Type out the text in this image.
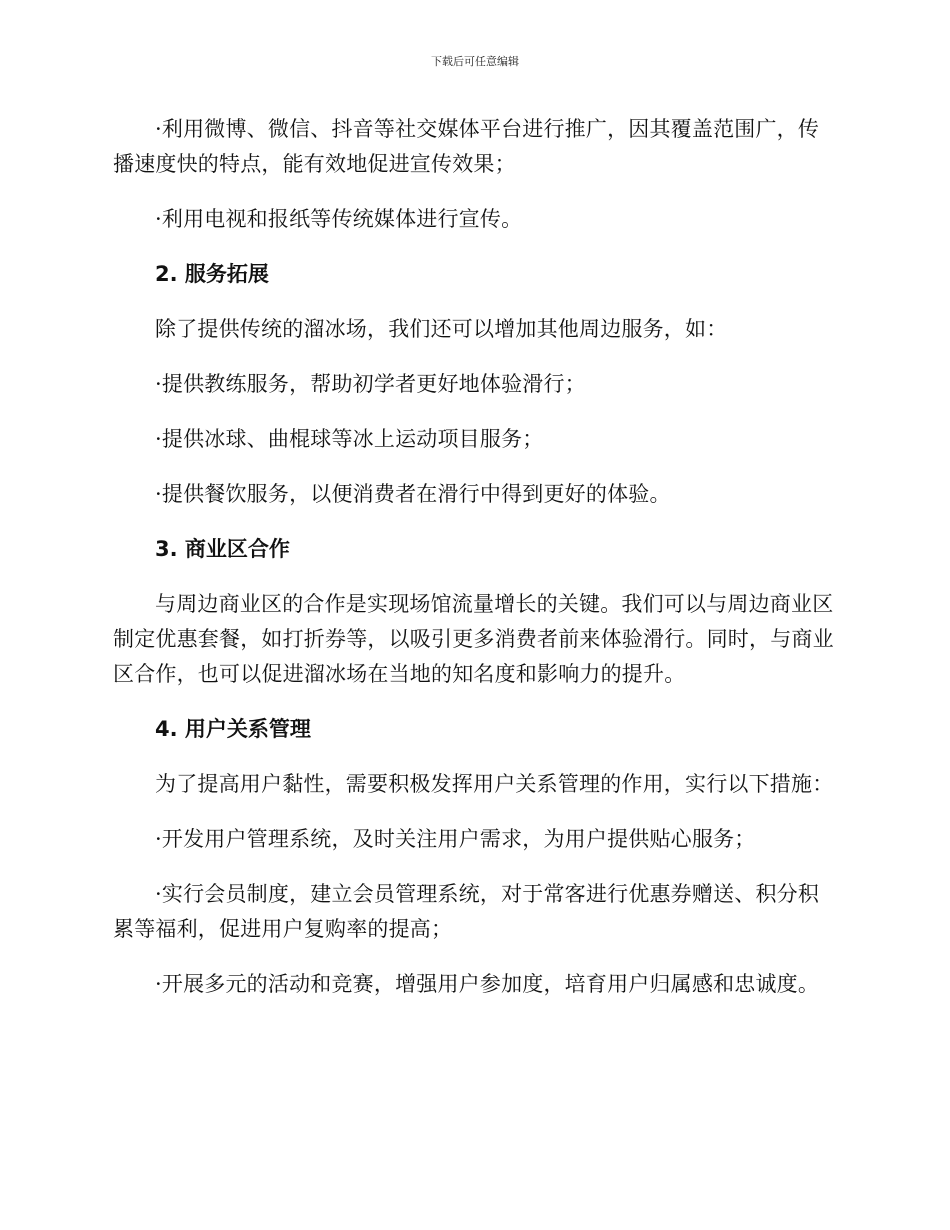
下载后可任意编辑

·利用微博、微信、抖音等社交媒体平台进行推广，因其覆盖范围广，传播速度快的特点，能有效地促进宣传效果；

·利用电视和报纸等传统媒体进行宣传。

2. 服务拓展

除了提供传统的溜冰场，我们还可以增加其他周边服务，如：

·提供教练服务，帮助初学者更好地体验滑行；

·提供冰球、曲棍球等冰上运动项目服务；

·提供餐饮服务，以便消费者在滑行中得到更好的体验。

3. 商业区合作

与周边商业区的合作是实现场馆流量增长的关键。我们可以与周边商业区制定优惠套餐，如打折券等，以吸引更多消费者前来体验滑行。同时，与商业区合作，也可以促进溜冰场在当地的知名度和影响力的提升。

4. 用户关系管理

为了提高用户黏性，需要积极发挥用户关系管理的作用，实行以下措施：

·开发用户管理系统，及时关注用户需求，为用户提供贴心服务；

·实行会员制度，建立会员管理系统，对于常客进行优惠券赠送、积分积累等福利，促进用户复购率的提高；

·开展多元的活动和竞赛，增强用户参加度，培育用户归属感和忠诚度。
